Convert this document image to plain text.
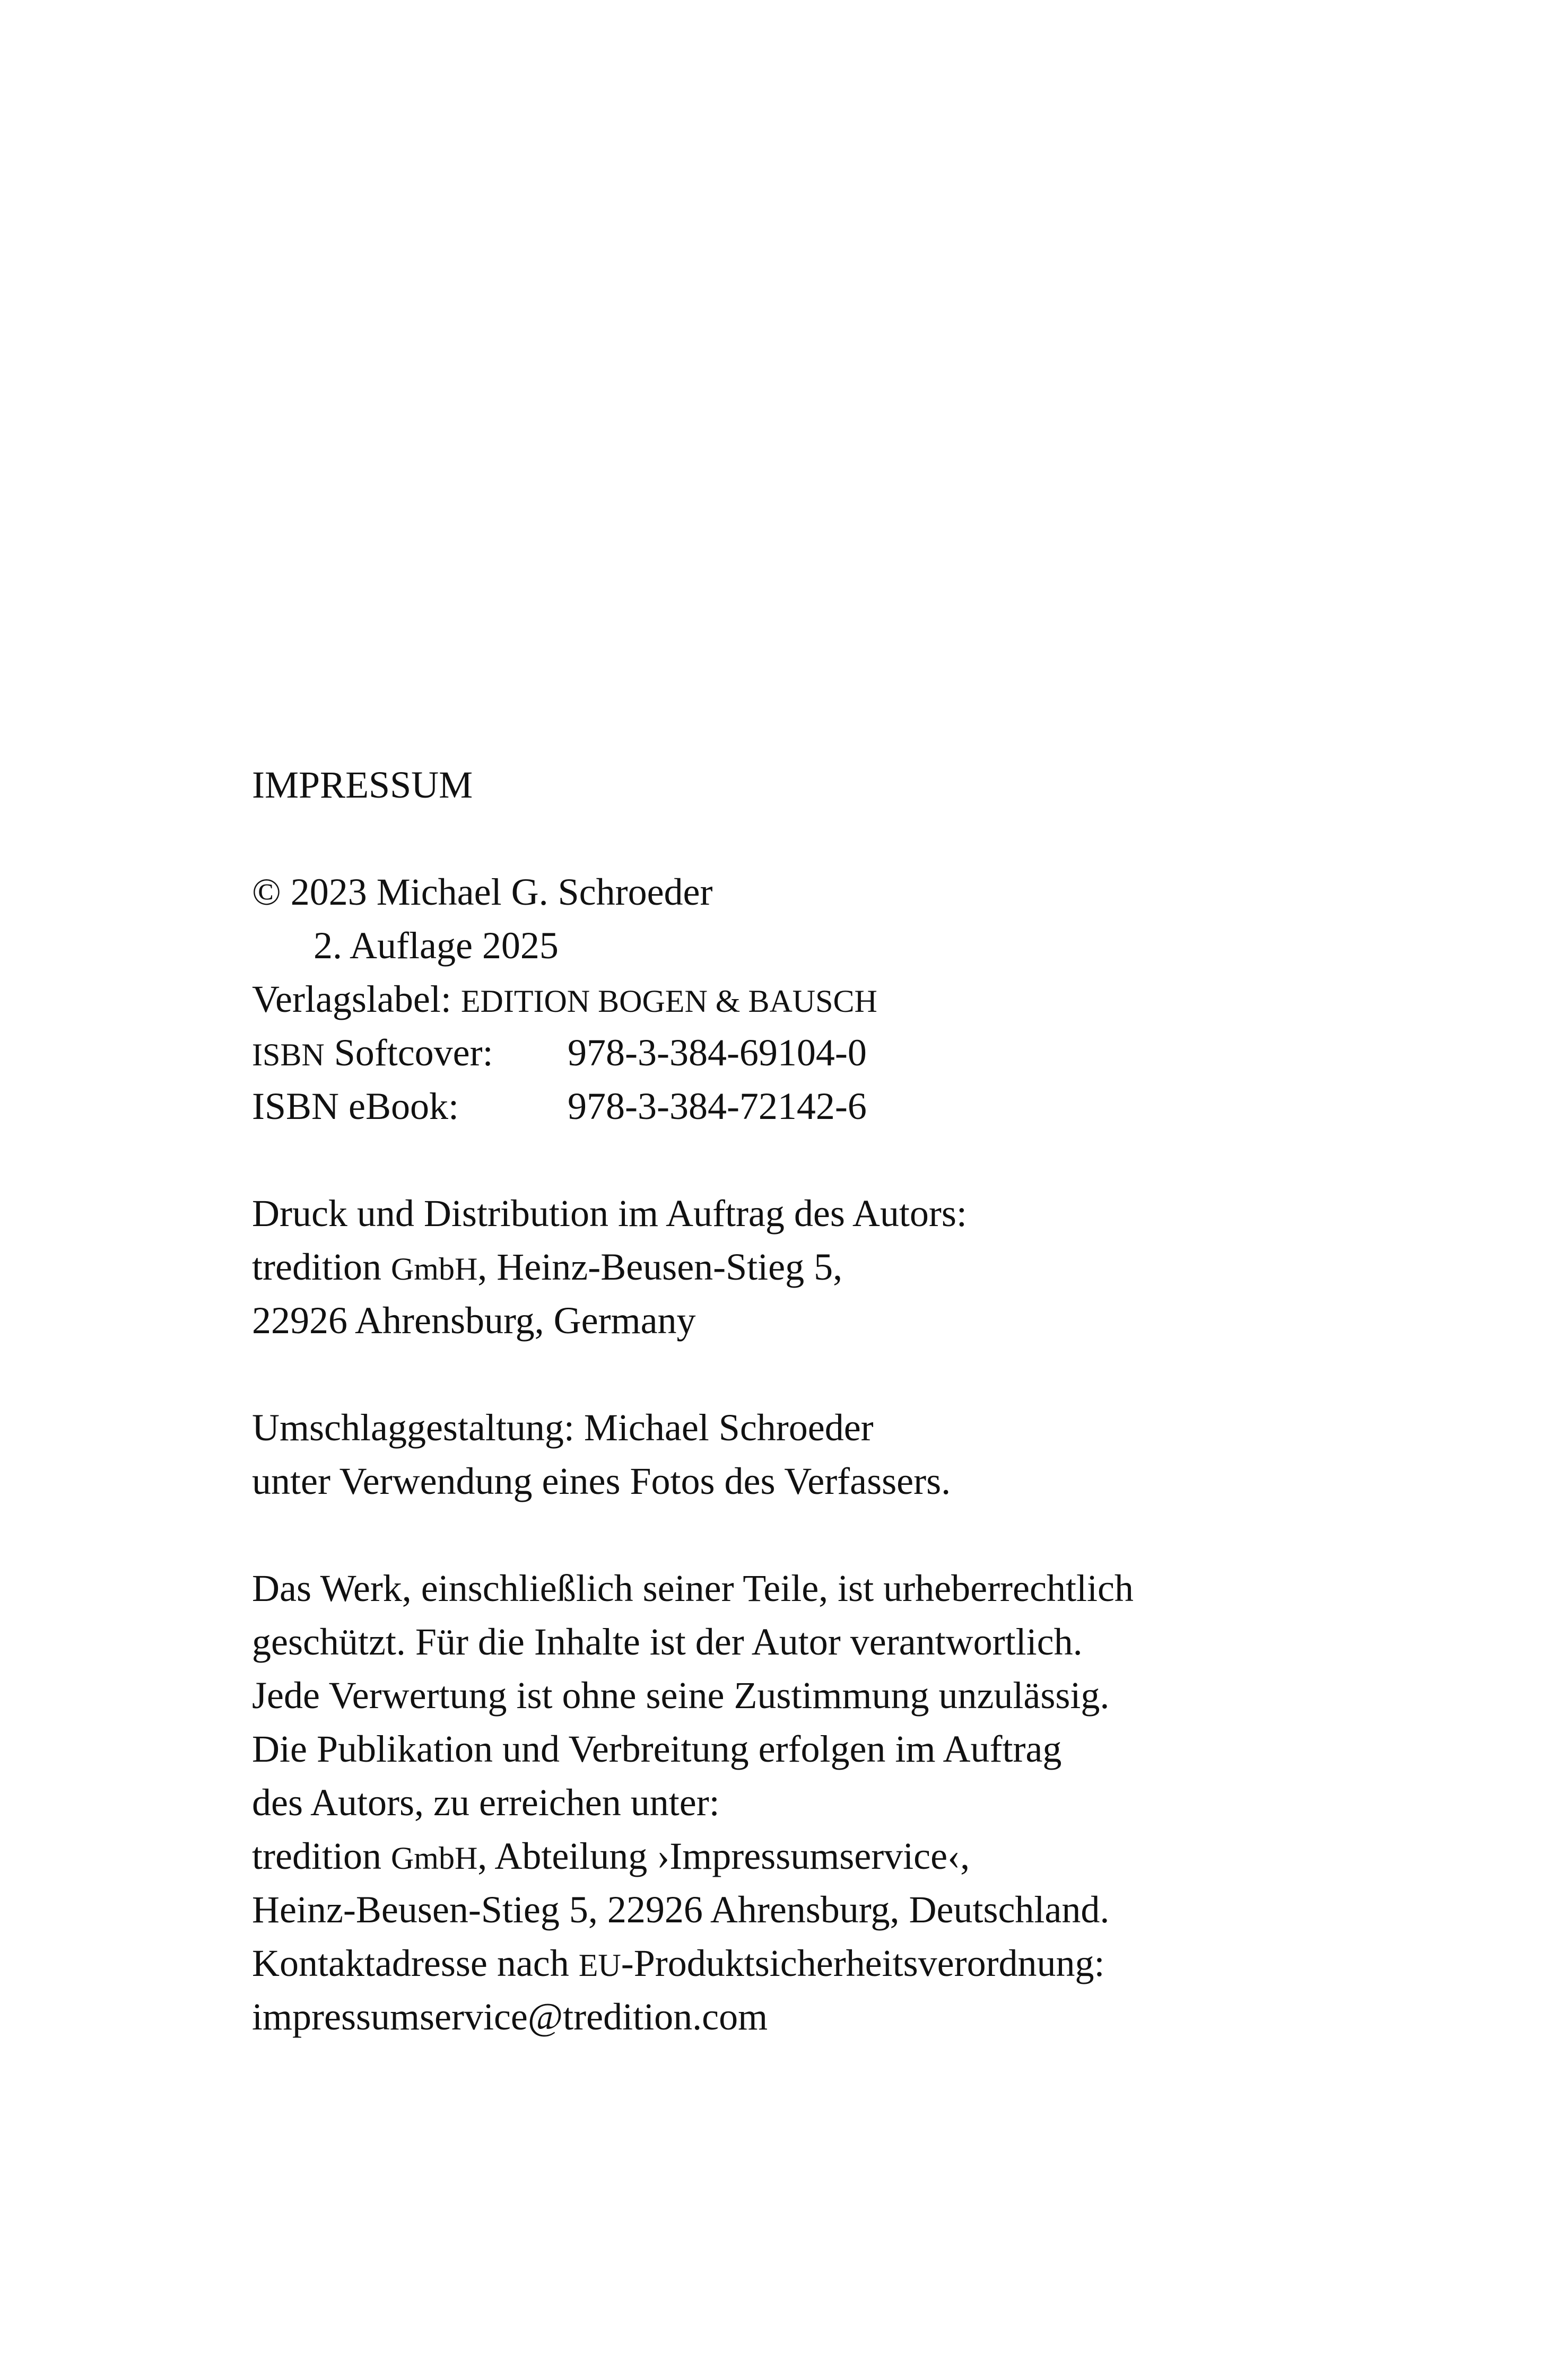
IMPRESSUM
© 2023 Michael G. Schroeder
2. Auflage 2025
Verlagslabel: EDITION BOGEN & BAUSCH
ISBN Softcover:	978-3-384-69104-0
ISBN eBook:	978-3-384-72142-6
Druck und Distribution im Auftrag des Autors:
tredition GmbH, Heinz-Beusen-Stieg 5,
22926 Ahrensburg, Germany
Umschlaggestaltung: Michael Schroeder
unter Verwendung eines Fotos des Verfassers.
Das Werk, einschließlich seiner Teile, ist urheberrechtlich
geschützt. Für die Inhalte ist der Autor verantwortlich.
Jede Verwertung ist ohne seine Zustimmung unzulässig.
Die Publikation und Verbreitung erfolgen im Auftrag
des Autors, zu erreichen unter:
tredition GmbH, Abteilung ›Impressumservice‹,
Heinz-Beusen-Stieg 5, 22926 Ahrensburg, Deutschland.
Kontaktadresse nach EU-Produktsicherheitsverordnung:
impressumservice@tredition.com
